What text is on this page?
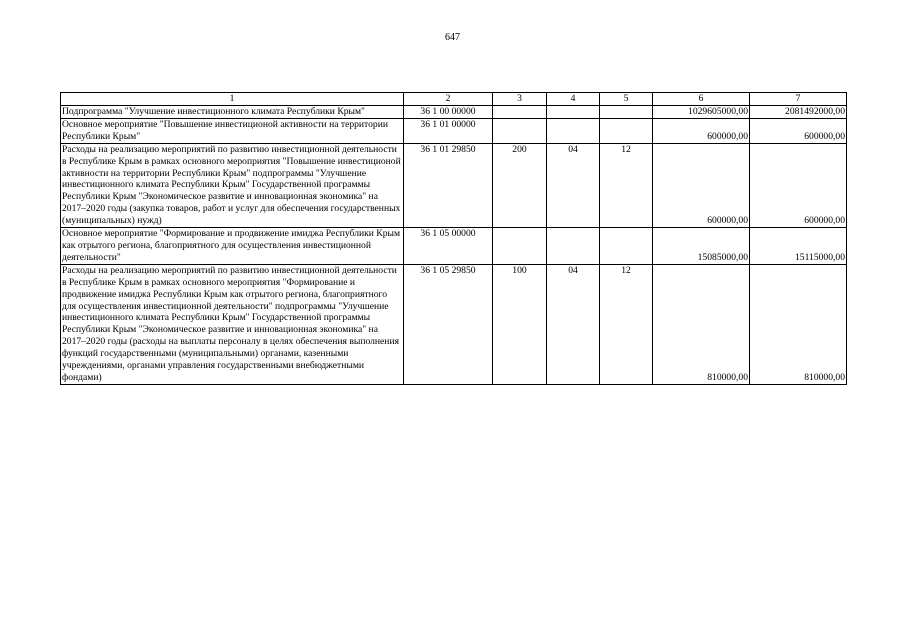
647
1	2	3	4	5	6	7
Подпрограмма "Улучшение инвестиционного климата Республики Крым"	36 1 00 00000				1029605000,00	2081492000,00
Основное мероприятие "Повышение инвестиционой активности на территории Республики Крым"	36 1 01 00000				600000,00	600000,00
Расходы на реализацию мероприятий по развитию инвестиционной деятельности в Республике Крым в рамках основного мероприятия "Повышение инвестиционой активности на территории Республики Крым" подпрограммы "Улучшение инвестиционного климата Республики Крым" Государственной программы Республики Крым "Экономическое развитие и инновационная экономика" на 2017–2020 годы (закупка товаров, работ и услуг для обеспечения государственных (муниципальных) нужд)	36 1 01 29850	200	04	12	600000,00	600000,00
Основное мероприятие "Формирование и продвижение имиджа Республики Крым как отрытого региона, благоприятного для осуществления инвестиционной деятельности"	36 1 05 00000				15085000,00	15115000,00
Расходы на реализацию мероприятий по развитию инвестиционной деятельности в Республике Крым в рамках основного мероприятия "Формирование и продвижение имиджа Республики Крым как отрытого региона, благоприятного для осуществления инвестиционной деятельности" подпрограммы "Улучшение инвестиционного климата Республики Крым" Государственной программы Республики Крым "Экономическое развитие и инновационная экономика" на 2017–2020 годы (расходы на выплаты персоналу в целях обеспечения выполнения функций государственными (муниципальными) органами, казенными учреждениями, органами управления государственными внебюджетными фондами)	36 1 05 29850	100	04	12	810000,00	810000,00
